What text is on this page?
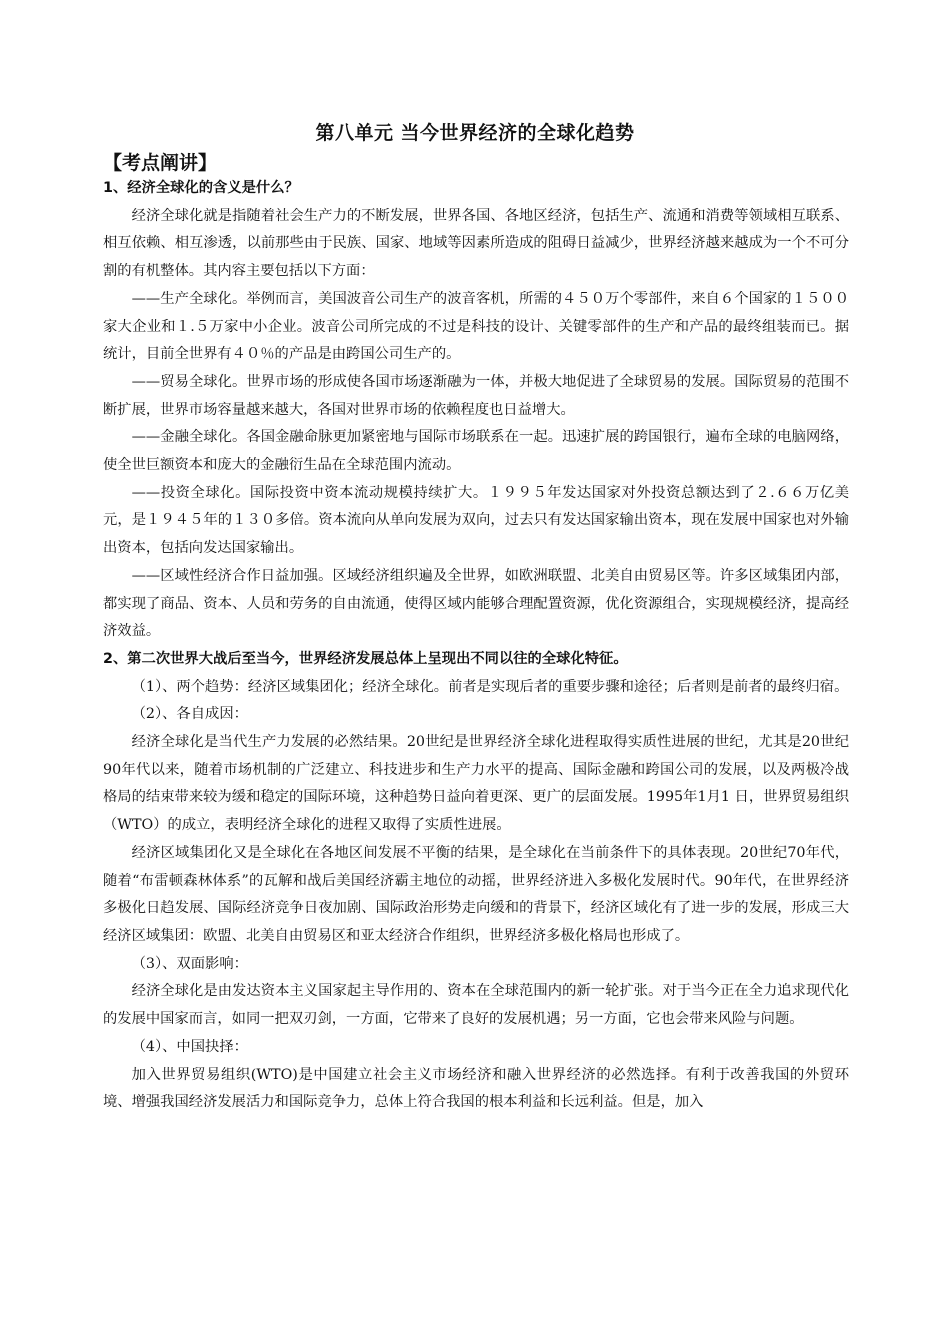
第八单元 当今世界经济的全球化趋势
【考点阐讲】

1、经济全球化的含义是什么？

经济全球化就是指随着社会生产力的不断发展，世界各国、各地区经济，包括生产、流通和消费等领域相互联系、相互依赖、相互渗透，以前那些由于民族、国家、地域等因素所造成的阻碍日益减少，世界经济越来越成为一个不可分割的有机整体。其内容主要包括以下方面：

——生产全球化。举例而言，美国波音公司生产的波音客机，所需的４５０万个零部件，来自６个国家的１５００家大企业和１.５万家中小企业。波音公司所完成的不过是科技的设计、关键零部件的生产和产品的最终组装而已。据统计，目前全世界有４０％的产品是由跨国公司生产的。

——贸易全球化。世界市场的形成使各国市场逐渐融为一体，并极大地促进了全球贸易的发展。国际贸易的范围不断扩展，世界市场容量越来越大，各国对世界市场的依赖程度也日益增大。

——金融全球化。各国金融命脉更加紧密地与国际市场联系在一起。迅速扩展的跨国银行，遍布全球的电脑网络，使全世巨额资本和庞大的金融衍生品在全球范围内流动。

——投资全球化。国际投资中资本流动规模持续扩大。１９９５年发达国家对外投资总额达到了２.６６万亿美元，是１９４５年的１３０多倍。资本流向从单向发展为双向，过去只有发达国家输出资本，现在发展中国家也对外输出资本，包括向发达国家输出。

——区域性经济合作日益加强。区域经济组织遍及全世界，如欧洲联盟、北美自由贸易区等。许多区域集团内部，都实现了商品、资本、人员和劳务的自由流通，使得区域内能够合理配置资源，优化资源组合，实现规模经济，提高经济效益。

2、第二次世界大战后至当今，世界经济发展总体上呈现出不同以往的全球化特征。

（1）、两个趋势：经济区域集团化；经济全球化。前者是实现后者的重要步骤和途径；后者则是前者的最终归宿。

（2）、各自成因：

经济全球化是当代生产力发展的必然结果。20世纪是世界经济全球化进程取得实质性进展的世纪，尤其是20世纪90年代以来，随着市场机制的广泛建立、科技进步和生产力水平的提高、国际金融和跨国公司的发展，以及两极冷战格局的结束带来较为缓和稳定的国际环境，这种趋势日益向着更深、更广的层面发展。1995年1月1 日，世界贸易组织（WTO）的成立，表明经济全球化的进程又取得了实质性进展。

经济区域集团化又是全球化在各地区间发展不平衡的结果，是全球化在当前条件下的具体表现。20世纪70年代，随着“布雷顿森林体系”的瓦解和战后美国经济霸主地位的动摇，世界经济进入多极化发展时代。90年代，在世界经济多极化日趋发展、国际经济竞争日夜加剧、国际政治形势走向缓和的背景下，经济区域化有了进一步的发展，形成三大经济区域集团：欧盟、北美自由贸易区和亚太经济合作组织，世界经济多极化格局也形成了。

（3）、双面影响：

经济全球化是由发达资本主义国家起主导作用的、资本在全球范围内的新一轮扩张。对于当今正在全力追求现代化的发展中国家而言，如同一把双刃剑，一方面，它带来了良好的发展机遇；另一方面，它也会带来风险与问题。

（4）、中国抉择：

加入世界贸易组织(WTO)是中国建立社会主义市场经济和融入世界经济的必然选择。有利于改善我国的外贸环境、增强我国经济发展活力和国际竞争力，总体上符合我国的根本利益和长远利益。但是，加入
